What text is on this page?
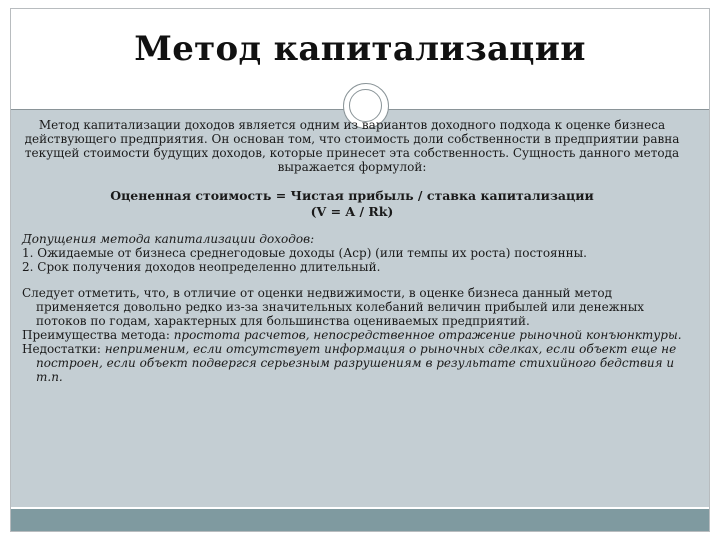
Метод капитализации

Метод капитализации доходов является одним из вариантов доходного подхода к оценке бизнеса действующего предприятия. Он основан том, что стоимость доли собственности в предприятии равна текущей стоимости будущих доходов, которые принесет эта собственность. Сущность данного метода выражается формулой:

Оцененная стоимость = Чистая прибыль / ставка капитализации
(V = A / Rk)

Допущения метода капитализации доходов:

1. Ожидаемые от бизнеса среднегодовые доходы (Аср) (или темпы их роста) постоянны.

2. Срок получения доходов неопределенно длительный.

Следует отметить, что, в отличие от оценки недвижимости, в оценке бизнеса данный метод применяется довольно редко из-за значительных колебаний величин прибылей или денежных потоков по годам, характерных для большинства оцениваемых предприятий.

Преимущества метода: простота расчетов, непосредственное отражение рыночной конъюнктуры.

Недостатки: неприменим, если отсутствует информация о рыночных сделках, если объект еще не построен, если объект подвергся серьезным разрушениям в результате стихийного бедствия и т.п.
